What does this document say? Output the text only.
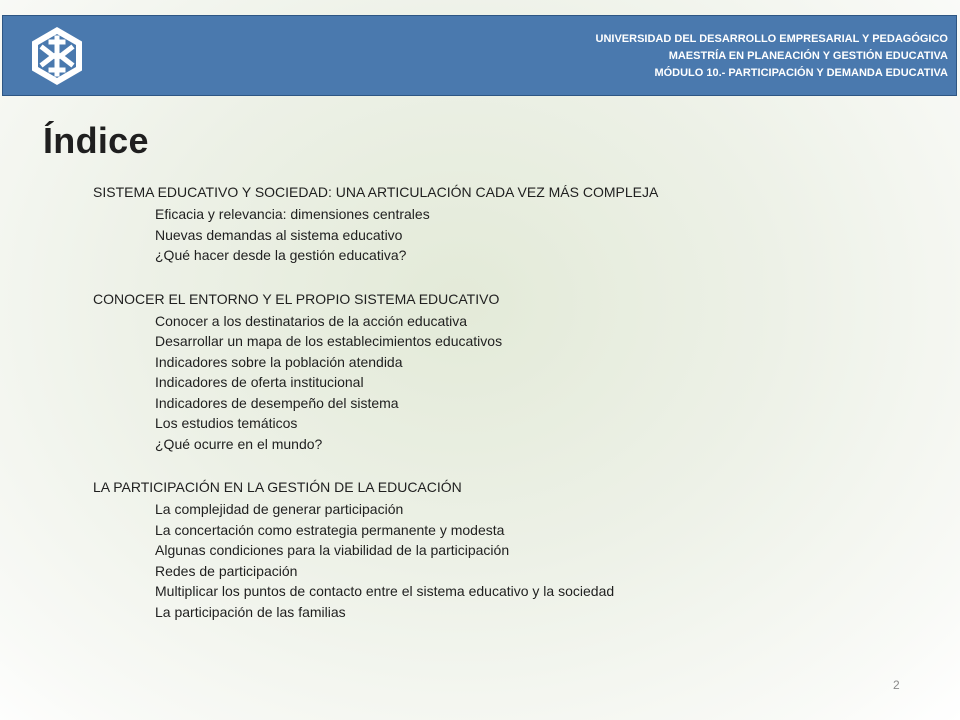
UNIVERSIDAD DEL DESARROLLO EMPRESARIAL Y PEDAGÓGICO
MAESTRÍA EN PLANEACIÓN Y GESTIÓN EDUCATIVA
MÓDULO 10.- PARTICIPACIÓN Y DEMANDA EDUCATIVA
Índice
SISTEMA EDUCATIVO Y SOCIEDAD: UNA ARTICULACIÓN CADA VEZ MÁS COMPLEJA
Eficacia y relevancia: dimensiones centrales
Nuevas demandas al sistema educativo
¿Qué hacer desde la gestión educativa?
CONOCER EL ENTORNO Y EL PROPIO SISTEMA EDUCATIVO
Conocer a los destinatarios de la acción educativa
Desarrollar un mapa de los establecimientos educativos
Indicadores sobre la población atendida
Indicadores de oferta institucional
Indicadores de desempeño del sistema
Los estudios temáticos
¿Qué ocurre en el mundo?
LA PARTICIPACIÓN EN LA GESTIÓN DE LA EDUCACIÓN
La complejidad de generar participación
La concertación como estrategia permanente y modesta
Algunas condiciones para la viabilidad de la participación
Redes de participación
Multiplicar los puntos de contacto entre el sistema educativo y la sociedad
La participación de las familias
2
